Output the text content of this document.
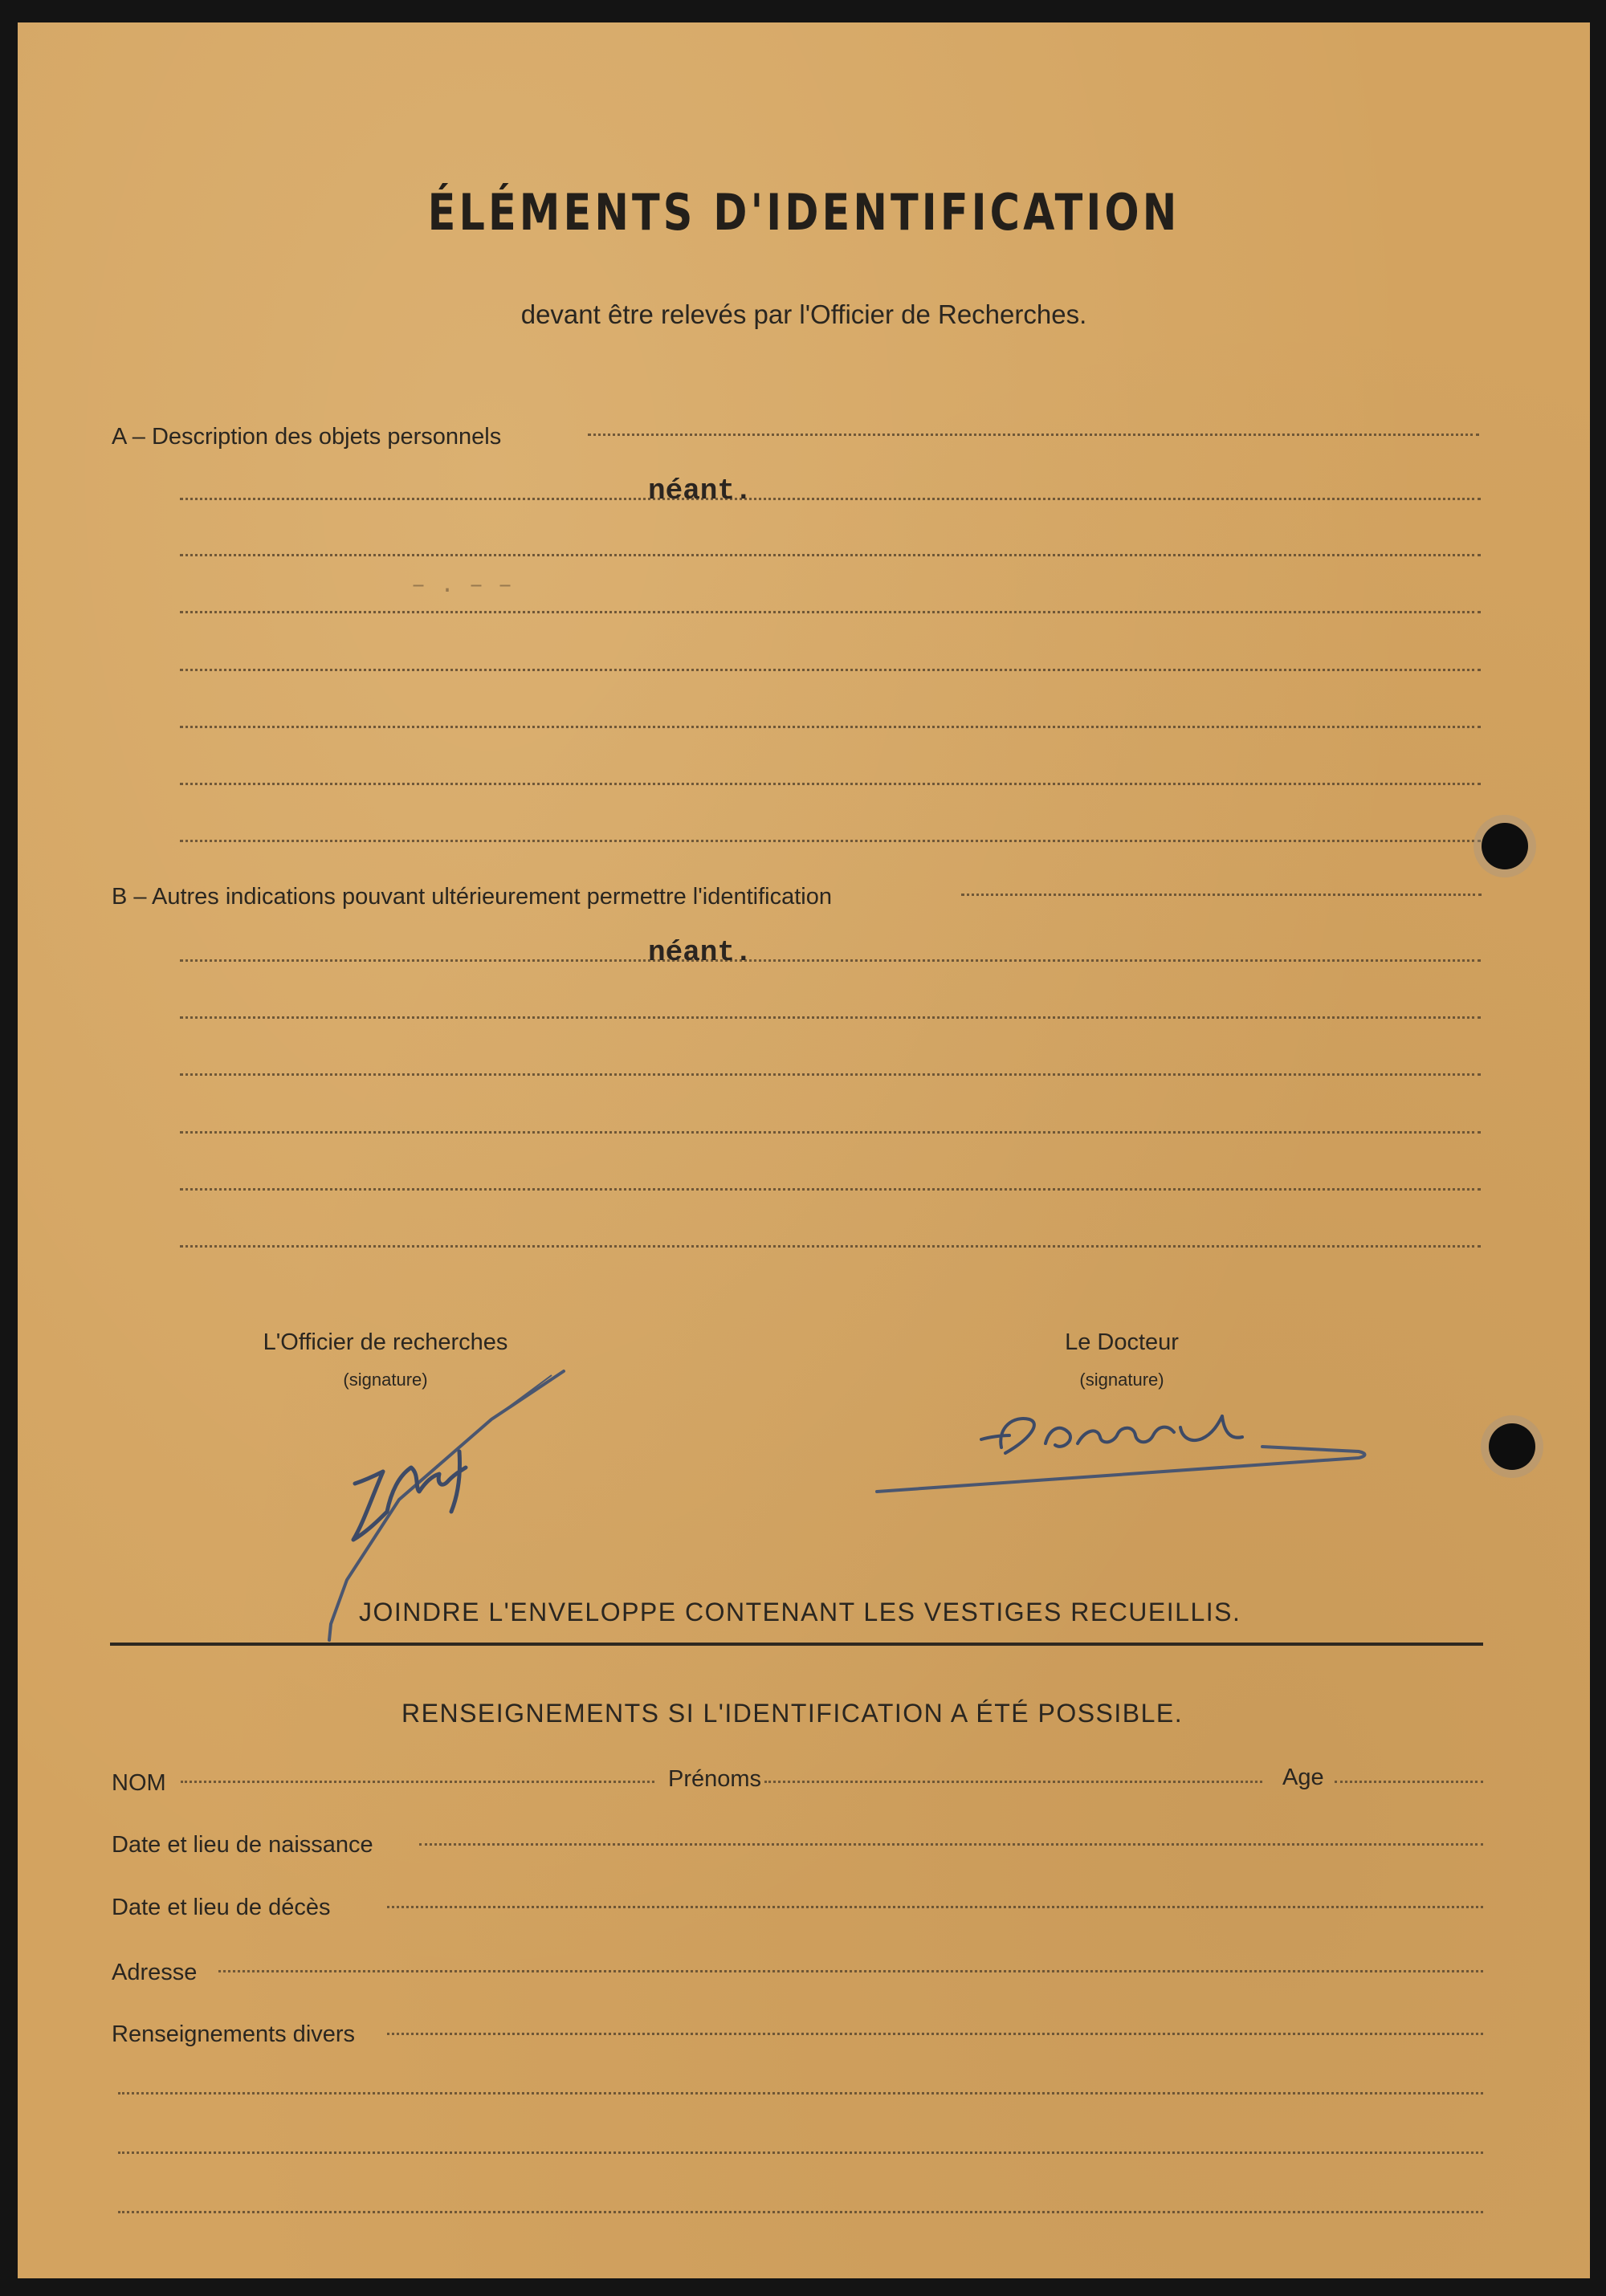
ÉLÉMENTS D'IDENTIFICATION
devant être relevés par l'Officier de Recherches.
A – Description des objets personnels
néant.
– . – –
B – Autres indications pouvant ultérieurement permettre l'identification
néant.
L'Officier de recherches
(signature)
Le Docteur
(signature)
JOINDRE L'ENVELOPPE CONTENANT LES VESTIGES RECUEILLIS.
RENSEIGNEMENTS SI L'IDENTIFICATION A ÉTÉ POSSIBLE.
NOM	Prénoms	Age
Date et lieu de naissance
Date et lieu de décès
Adresse
Renseignements divers
